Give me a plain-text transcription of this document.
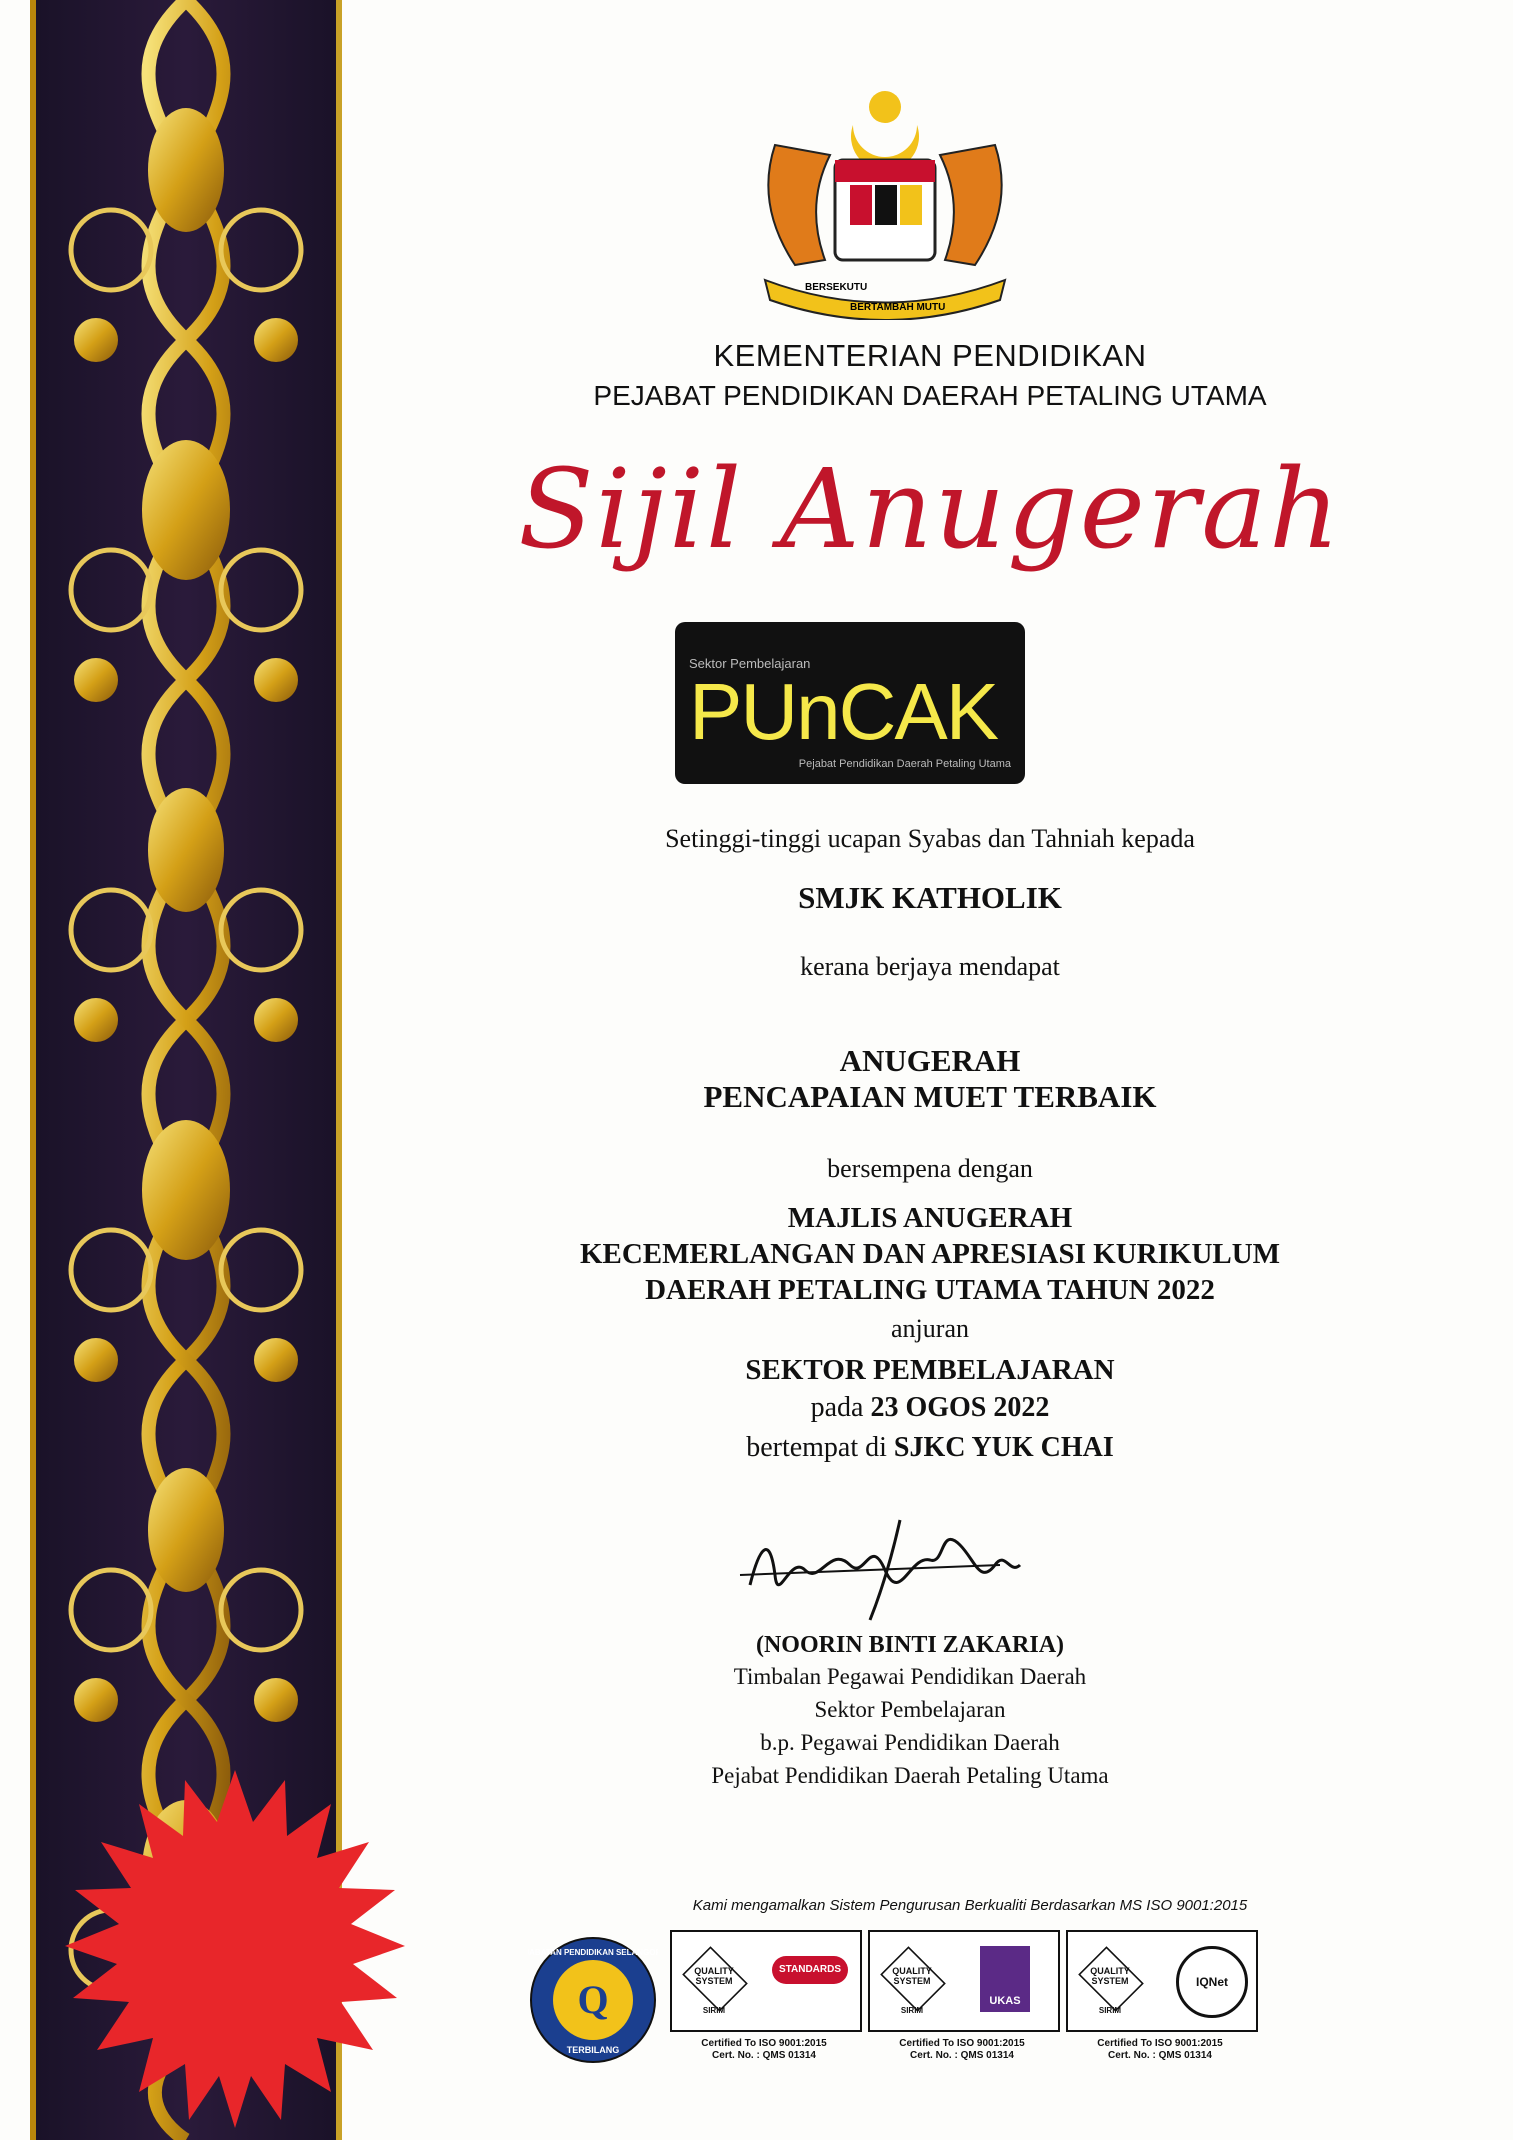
BERSEKUTU
BERTAMBAH MUTU
KEMENTERIAN PENDIDIKAN
PEJABAT PENDIDIKAN DAERAH PETALING UTAMA
Sijil Anugerah
Sektor Pembelajaran
PUnCAK
Pejabat Pendidikan Daerah Petaling Utama
Setinggi-tinggi ucapan Syabas dan Tahniah kepada
SMJK KATHOLIK
kerana berjaya mendapat
ANUGERAH
PENCAPAIAN MUET TERBAIK
bersempena dengan
MAJLIS ANUGERAH
KECEMERLANGAN DAN APRESIASI KURIKULUM
DAERAH PETALING UTAMA TAHUN 2022
anjuran
SEKTOR PEMBELAJARAN
pada 23 OGOS 2022
bertempat di SJKC YUK CHAI
(NOORIN BINTI ZAKARIA)
Timbalan Pegawai Pendidikan Daerah
Sektor Pembelajaran
b.p. Pegawai Pendidikan Daerah
Pejabat Pendidikan Daerah Petaling Utama
Kami mengamalkan Sistem Pengurusan Berkualiti Berdasarkan MS ISO 9001:2015
Q
JABATAN PENDIDIKAN SELANGOR
TERBILANG
QUALITY SYSTEM
SIRIM
STANDARDS
Certified To ISO 9001:2015
Cert. No. : QMS 01314
QUALITY SYSTEM
SIRIM
UKAS
Certified To ISO 9001:2015
Cert. No. : QMS 01314
QUALITY SYSTEM
SIRIM
IQNet
Certified To ISO 9001:2015
Cert. No. : QMS 01314
